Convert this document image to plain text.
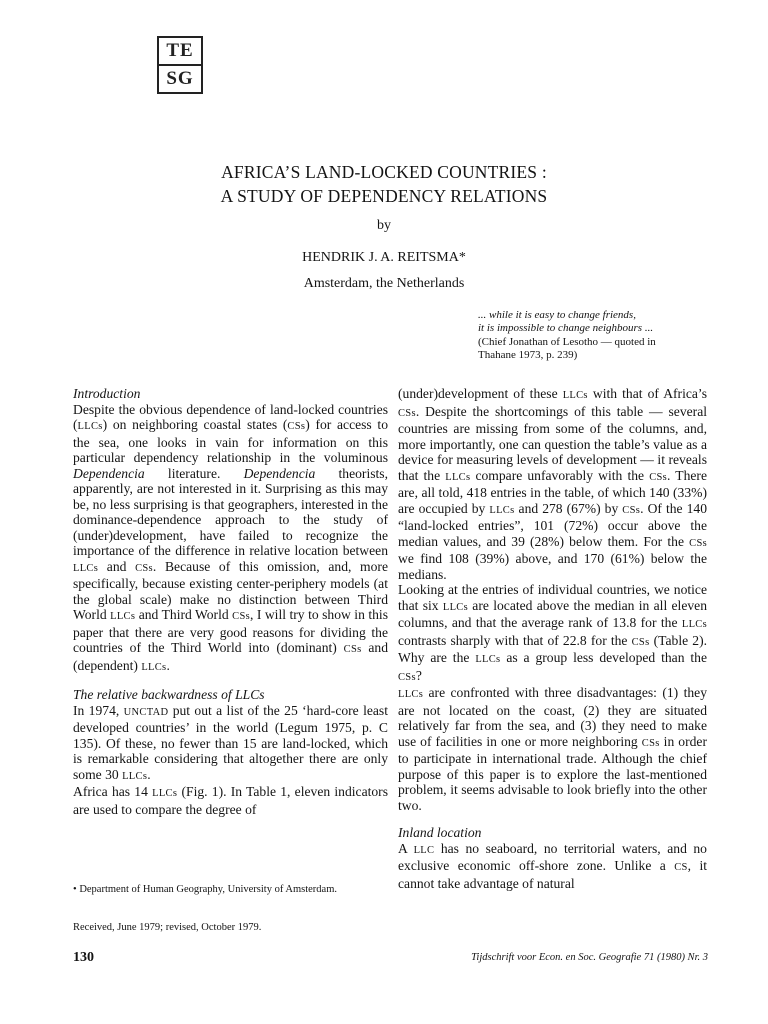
TE
SG
AFRICA’S LAND-LOCKED COUNTRIES :
A STUDY OF DEPENDENCY RELATIONS
by
HENDRIK J. A. REITSMA*
Amsterdam, the Netherlands
... while it is easy to change friends,
it is impossible to change neighbours ...
(Chief Jonathan of Lesotho — quoted in
Thahane 1973, p. 239)

Introduction

Despite the obvious dependence of land-locked countries (LLCs) on neighboring coastal states (CSs) for access to the sea, one looks in vain for information on this particular dependency relationship in the voluminous Dependencia literature. Dependencia theorists, apparently, are not interested in it. Surprising as this may be, no less surprising is that geographers, interested in the dominance-dependence approach to the study of (under)development, have failed to recognize the importance of the difference in relative location between LLCs and CSs. Because of this omission, and, more specifically, because existing center-periphery models (at the global scale) make no distinction between Third World LLCs and Third World CSs, I will try to show in this paper that there are very good reasons for dividing the countries of the Third World into (dominant) CSs and (dependent) LLCs.

The relative backwardness of LLCs

In 1974, UNCTAD put out a list of the 25 ‘hard-core least developed countries’ in the world (Legum 1975, p. C 135). Of these, no fewer than 15 are land-locked, which is remarkable considering that altogether there are only some 30 LLCs.

Africa has 14 LLCs (Fig. 1). In Table 1, eleven indicators are used to compare the degree of

(under)development of these LLCs with that of Africa’s CSs. Despite the shortcomings of this table — several countries are missing from some of the columns, and, more importantly, one can question the table’s value as a device for measuring levels of development — it reveals that the LLCs compare unfavorably with the CSs. There are, all told, 418 entries in the table, of which 140 (33%) are occupied by LLCs and 278 (67%) by CSs. Of the 140 “land-locked entries”, 101 (72%) occur above the median values, and 39 (28%) below them. For the CSs we find 108 (39%) above, and 170 (61%) below the medians.

Looking at the entries of individual countries, we notice that six LLCs are located above the median in all eleven columns, and that the average rank of 13.8 for the LLCs contrasts sharply with that of 22.8 for the CSs (Table 2). Why are the LLCs as a group less developed than the CSs?

LLCs are confronted with three disadvantages: (1) they are not located on the coast, (2) they are situated relatively far from the sea, and (3) they need to make use of facilities in one or more neighboring CSs in order to participate in international trade. Although the chief purpose of this paper is to explore the last-mentioned problem, it seems advisable to look briefly into the other two.

Inland location

A LLC has no seaboard, no territorial waters, and no exclusive economic off-shore zone. Unlike a CS, it cannot take advantage of natural

• Department of Human Geography, University of Amsterdam.
Received, June 1979; revised, October 1979.
130	Tijdschrift voor Econ. en Soc. Geografie 71 (1980) Nr. 3
